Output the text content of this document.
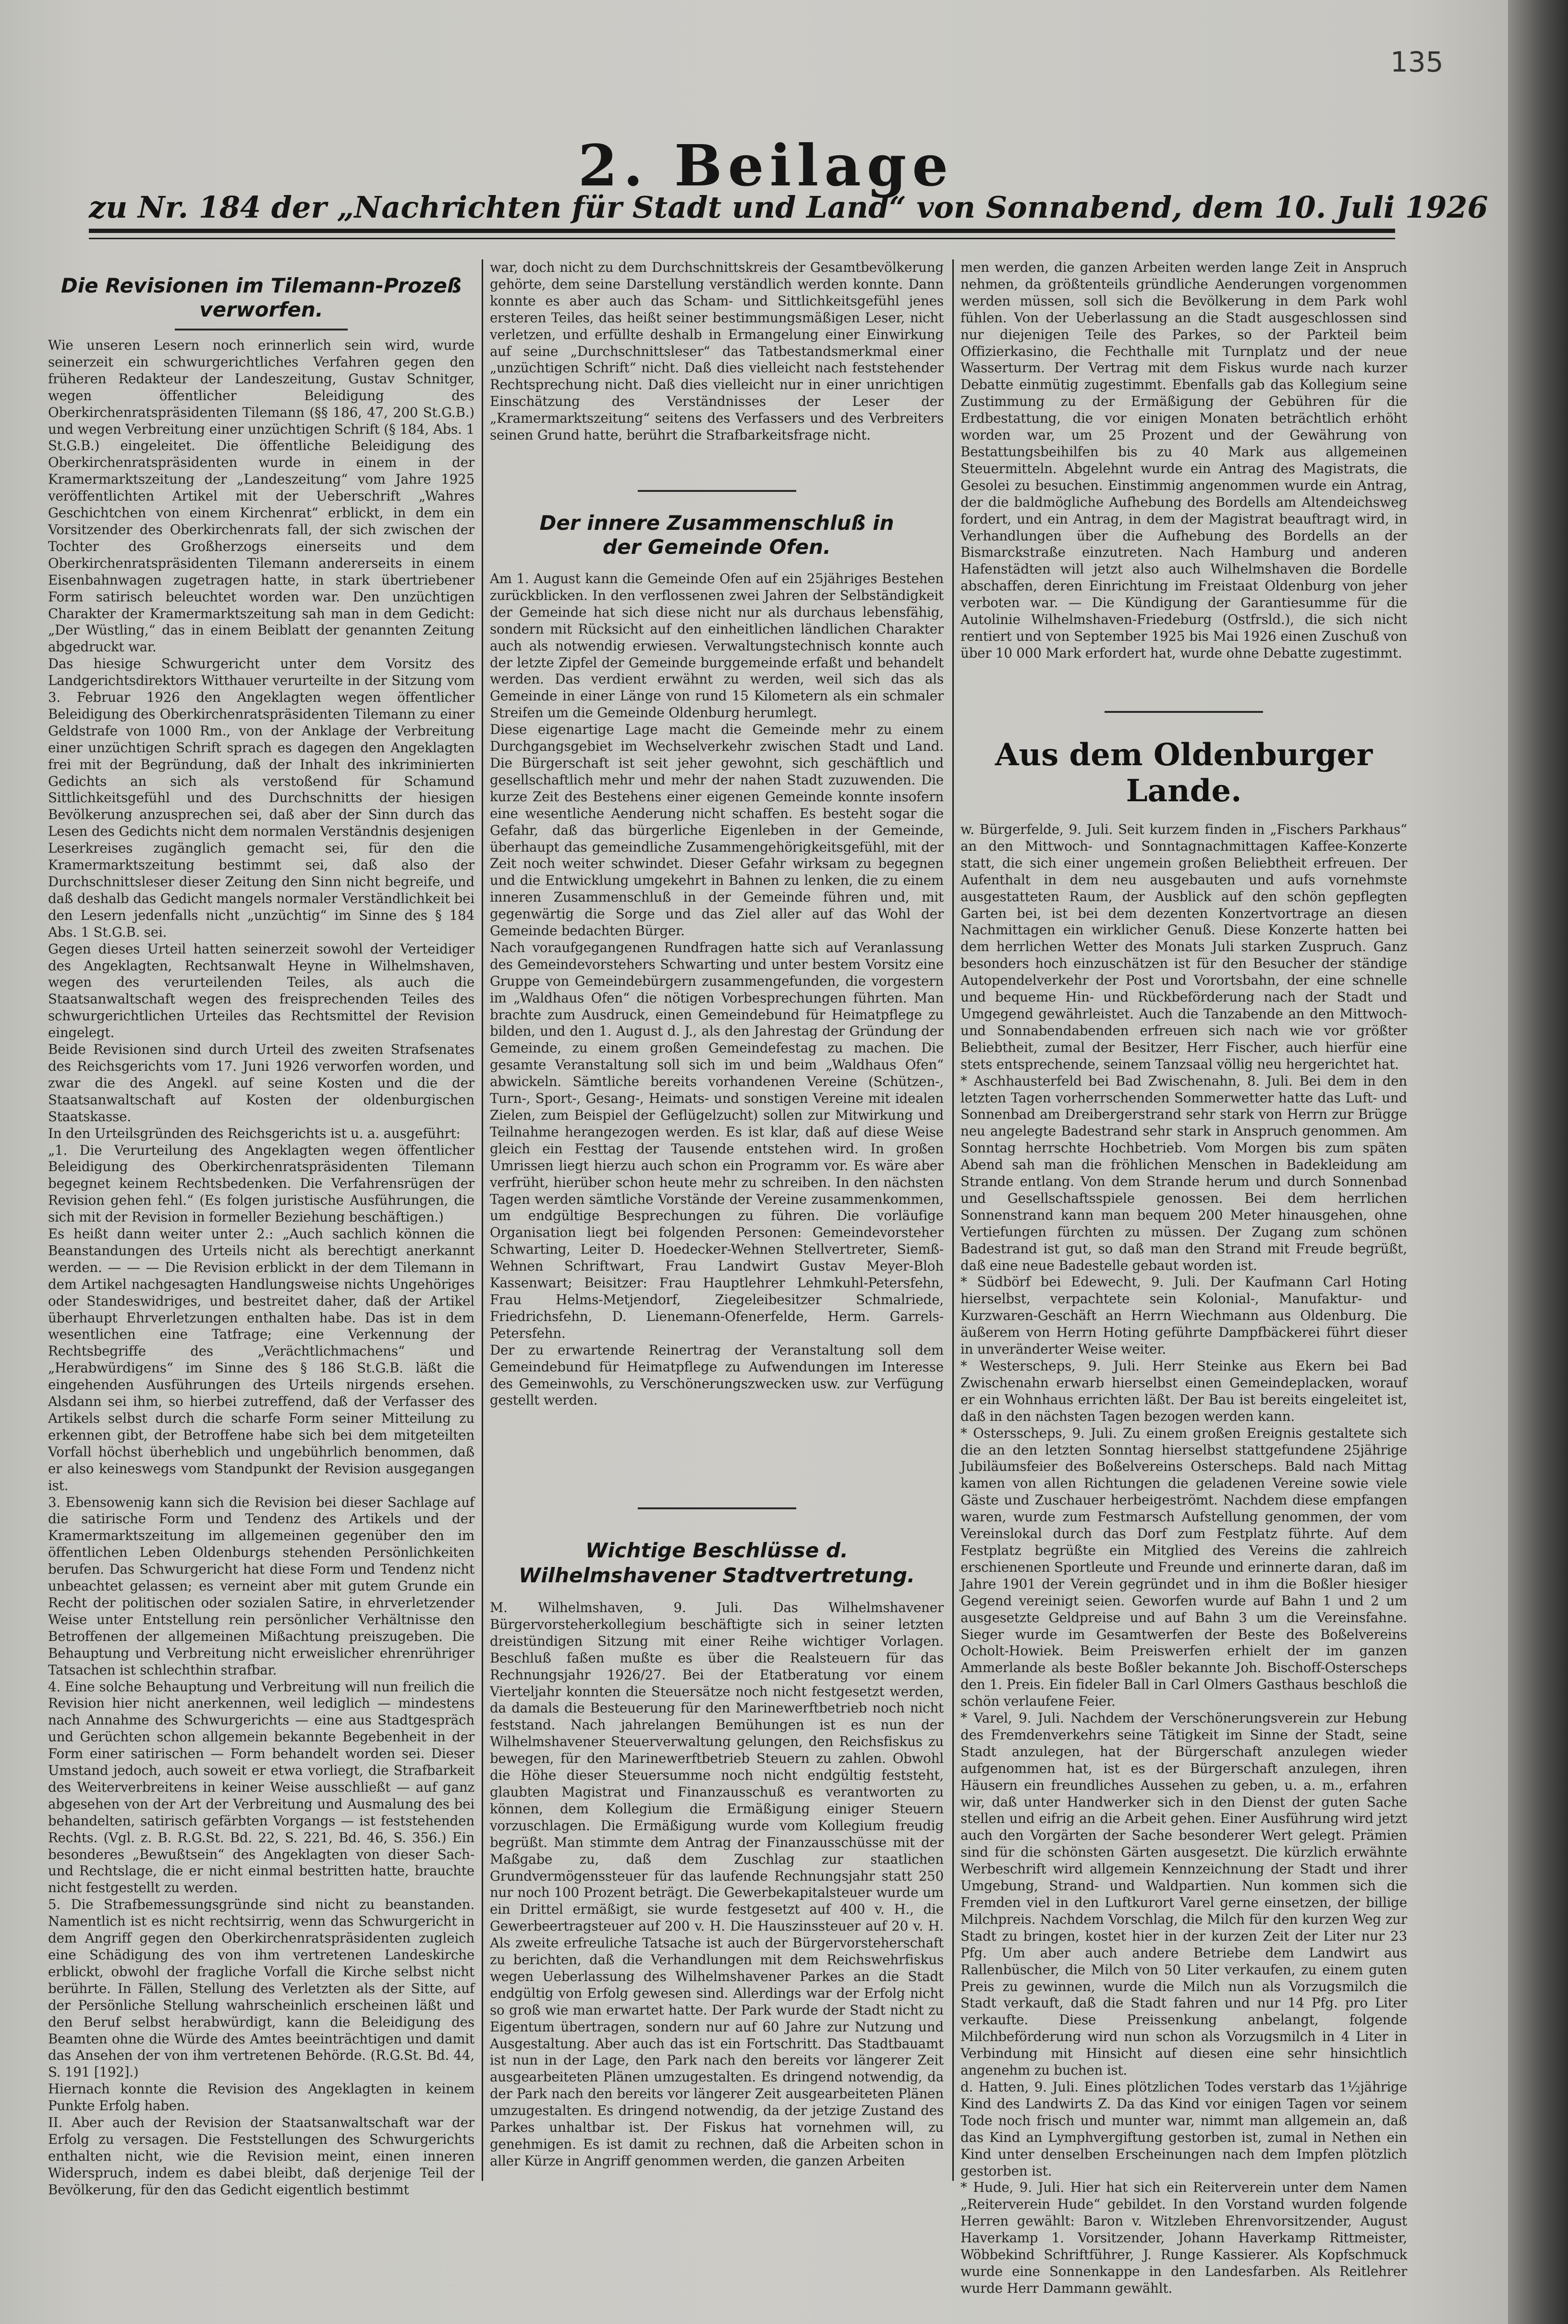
135
2. Beilage
zu Nr. 184 der „Nachrichten für Stadt und Land“ von Sonnabend, dem 10. Juli 1926
Die Revisionen im Tilemann-Prozeß verworfen.

Wie unseren Lesern noch erinnerlich sein wird, wurde seinerzeit ein schwurgerichtliches Verfahren gegen den früheren Redakteur der Landeszeitung, Gustav Schnitger, wegen öffentlicher Beleidigung des Oberkirchenratspräsidenten Tilemann (§§ 186, 47, 200 St.G.B.) und wegen Verbreitung einer unzüchtigen Schrift (§ 184, Abs. 1 St.G.B.) eingeleitet. Die öffentliche Beleidigung des Oberkirchenratspräsidenten wurde in einem in der Kramermarktszeitung der „Landeszeitung“ vom Jahre 1925 veröffentlichten Artikel mit der Ueberschrift „Wahres Geschichtchen von einem Kirchenrat“ erblickt, in dem ein Vorsitzender des Oberkirchenrats fall, der sich zwischen der Tochter des Großherzogs einerseits und dem Oberkirchenratspräsidenten Tilemann andererseits in einem Eisenbahnwagen zugetragen hatte, in stark übertriebener Form satirisch beleuchtet worden war. Den unzüchtigen Charakter der Kramermarktszeitung sah man in dem Gedicht: „Der Wüstling,“ das in einem Beiblatt der genannten Zeitung abgedruckt war.
Das hiesige Schwurgericht unter dem Vorsitz des Landgerichtsdirektors Witthauer verurteilte in der Sitzung vom 3. Februar 1926 den Angeklagten wegen öffentlicher Beleidigung des Oberkirchenratspräsidenten Tilemann zu einer Geldstrafe von 1000 Rm., von der Anklage der Verbreitung einer unzüchtigen Schrift sprach es dagegen den Angeklagten frei mit der Begründung, daß der Inhalt des inkriminierten Gedichts an sich als verstoßend für Schamund Sittlichkeitsgefühl und des Durchschnitts der hiesigen Bevölkerung anzusprechen sei, daß aber der Sinn durch das Lesen des Gedichts nicht dem normalen Verständnis desjenigen Leserkreises zugänglich gemacht sei, für den die Kramermarktszeitung bestimmt sei, daß also der Durchschnittsleser dieser Zeitung den Sinn nicht begreife, und daß deshalb das Gedicht mangels normaler Verständlichkeit bei den Lesern jedenfalls nicht „unzüchtig“ im Sinne des § 184 Abs. 1 St.G.B. sei.
Gegen dieses Urteil hatten seinerzeit sowohl der Verteidiger des Angeklagten, Rechtsanwalt Heyne in Wilhelmshaven, wegen des verurteilenden Teiles, als auch die Staatsanwaltschaft wegen des freisprechenden Teiles des schwurgerichtlichen Urteiles das Rechtsmittel der Revision eingelegt.
Beide Revisionen sind durch Urteil des zweiten Strafsenates des Reichsgerichts vom 17. Juni 1926 verworfen worden, und zwar die des Angekl. auf seine Kosten und die der Staatsanwaltschaft auf Kosten der oldenburgischen Staatskasse.
In den Urteilsgründen des Reichsgerichts ist u. a. ausgeführt:
„1. Die Verurteilung des Angeklagten wegen öffentlicher Beleidigung des Oberkirchenratspräsidenten Tilemann begegnet keinem Rechtsbedenken. Die Verfahrensrügen der Revision gehen fehl.“ (Es folgen juristische Ausführungen, die sich mit der Revision in formeller Beziehung beschäftigen.)
Es heißt dann weiter unter 2.: „Auch sachlich können die Beanstandungen des Urteils nicht als berechtigt anerkannt werden. — — — Die Revision erblickt in der dem Tilemann in dem Artikel nachgesagten Handlungsweise nichts Ungehöriges oder Standeswidriges, und bestreitet daher, daß der Artikel überhaupt Ehrverletzungen enthalten habe. Das ist in dem wesentlichen eine Tatfrage; eine Verkennung der Rechtsbegriffe des „Verächtlichmachens“ und „Herabwürdigens“ im Sinne des § 186 St.G.B. läßt die eingehenden Ausführungen des Urteils nirgends ersehen. Alsdann sei ihm, so hierbei zutreffend, daß der Verfasser des Artikels selbst durch die scharfe Form seiner Mitteilung zu erkennen gibt, der Betroffene habe sich bei dem mitgeteilten Vorfall höchst überheblich und ungebührlich benommen, daß er also keineswegs vom Standpunkt der Revision ausgegangen ist.
3. Ebensowenig kann sich die Revision bei dieser Sachlage auf die satirische Form und Tendenz des Artikels und der Kramermarktszeitung im allgemeinen gegenüber den im öffentlichen Leben Oldenburgs stehenden Persönlichkeiten berufen. Das Schwurgericht hat diese Form und Tendenz nicht unbeachtet gelassen; es verneint aber mit gutem Grunde ein Recht der politischen oder sozialen Satire, in ehrverletzender Weise unter Entstellung rein persönlicher Verhältnisse den Betroffenen der allgemeinen Mißachtung preiszugeben. Die Behauptung und Verbreitung nicht erweislicher ehrenrühriger Tatsachen ist schlechthin strafbar.
4. Eine solche Behauptung und Verbreitung will nun freilich die Revision hier nicht anerkennen, weil lediglich — mindestens nach Annahme des Schwurgerichts — eine aus Stadtgespräch und Gerüchten schon allgemein bekannte Begebenheit in der Form einer satirischen — Form behandelt worden sei. Dieser Umstand jedoch, auch soweit er etwa vorliegt, die Strafbarkeit des Weiterverbreitens in keiner Weise ausschließt — auf ganz abgesehen von der Art der Verbreitung und Ausmalung des bei behandelten, satirisch gefärbten Vorgangs — ist feststehenden Rechts. (Vgl. z. B. R.G.St. Bd. 22, S. 221, Bd. 46, S. 356.) Ein besonderes „Bewußtsein“ des Angeklagten von dieser Sach- und Rechtslage, die er nicht einmal bestritten hatte, brauchte nicht festgestellt zu werden.
5. Die Strafbemessungsgründe sind nicht zu beanstanden. Namentlich ist es nicht rechtsirrig, wenn das Schwurgericht in dem Angriff gegen den Oberkirchenratspräsidenten zugleich eine Schädigung des von ihm vertretenen Landeskirche erblickt, obwohl der fragliche Vorfall die Kirche selbst nicht berührte. In Fällen, Stellung des Verletzten als der Sitte, auf der Persönliche Stellung wahrscheinlich erscheinen läßt und den Beruf selbst herabwürdigt, kann die Beleidigung des Beamten ohne die Würde des Amtes beeinträchtigen und damit das Ansehen der von ihm vertretenen Behörde. (R.G.St. Bd. 44, S. 191 [192].)
Hiernach konnte die Revision des Angeklagten in keinem Punkte Erfolg haben.
II. Aber auch der Revision der Staatsanwaltschaft war der Erfolg zu versagen. Die Feststellungen des Schwurgerichts enthalten nicht, wie die Revision meint, einen inneren Widerspruch, indem es dabei bleibt, daß derjenige Teil der Bevölkerung, für den das Gedicht eigentlich bestimmt

war, doch nicht zu dem Durchschnittskreis der Gesamtbevölkerung gehörte, dem seine Darstellung verständlich werden konnte. Dann konnte es aber auch das Scham- und Sittlichkeitsgefühl jenes ersteren Teiles, das heißt seiner bestimmungsmäßigen Leser, nicht verletzen, und erfüllte deshalb in Ermangelung einer Einwirkung auf seine „Durchschnittsleser“ das Tatbestandsmerkmal einer „unzüchtigen Schrift“ nicht. Daß dies vielleicht nach feststehender Rechtsprechung nicht. Daß dies vielleicht nur in einer unrichtigen Einschätzung des Verständnisses der Leser der „Kramermarktszeitung“ seitens des Verfassers und des Verbreiters seinen Grund hatte, berührt die Strafbarkeitsfrage nicht.

Der innere Zusammenschluß in der Gemeinde Ofen.

Am 1. August kann die Gemeinde Ofen auf ein 25jähriges Bestehen zurückblicken. In den verflossenen zwei Jahren der Selbständigkeit der Gemeinde hat sich diese nicht nur als durchaus lebensfähig, sondern mit Rücksicht auf den einheitlichen ländlichen Charakter auch als notwendig erwiesen. Verwaltungstechnisch konnte auch der letzte Zipfel der Gemeinde burggemeinde erfaßt und behandelt werden. Das verdient erwähnt zu werden, weil sich das als Gemeinde in einer Länge von rund 15 Kilometern als ein schmaler Streifen um die Gemeinde Oldenburg herumlegt.
Diese eigenartige Lage macht die Gemeinde mehr zu einem Durchgangsgebiet im Wechselverkehr zwischen Stadt und Land. Die Bürgerschaft ist seit jeher gewohnt, sich geschäftlich und gesellschaftlich mehr und mehr der nahen Stadt zuzuwenden. Die kurze Zeit des Bestehens einer eigenen Gemeinde konnte insofern eine wesentliche Aenderung nicht schaffen. Es besteht sogar die Gefahr, daß das bürgerliche Eigenleben in der Gemeinde, überhaupt das gemeindliche Zusammengehörigkeitsgefühl, mit der Zeit noch weiter schwindet. Dieser Gefahr wirksam zu begegnen und die Entwicklung umgekehrt in Bahnen zu lenken, die zu einem inneren Zusammenschluß in der Gemeinde führen und, mit gegenwärtig die Sorge und das Ziel aller auf das Wohl der Gemeinde bedachten Bürger.
Nach voraufgegangenen Rundfragen hatte sich auf Veranlassung des Gemeindevorstehers Schwarting und unter bestem Vorsitz eine Gruppe von Gemeindebürgern zusammengefunden, die vorgestern im „Waldhaus Ofen“ die nötigen Vorbesprechungen führten. Man brachte zum Ausdruck, einen Gemeindebund für Heimatpflege zu bilden, und den 1. August d. J., als den Jahrestag der Gründung der Gemeinde, zu einem großen Gemeindefestag zu machen. Die gesamte Veranstaltung soll sich im und beim „Waldhaus Ofen“ abwickeln. Sämtliche bereits vorhandenen Vereine (Schützen-, Turn-, Sport-, Gesang-, Heimats- und sonstigen Vereine mit idealen Zielen, zum Beispiel der Geflügelzucht) sollen zur Mitwirkung und Teilnahme herangezogen werden. Es ist klar, daß auf diese Weise gleich ein Festtag der Tausende entstehen wird. In großen Umrissen liegt hierzu auch schon ein Programm vor. Es wäre aber verfrüht, hierüber schon heute mehr zu schreiben. In den nächsten Tagen werden sämtliche Vorstände der Vereine zusammenkommen, um endgültige Besprechungen zu führen. Die vorläufige Organisation liegt bei folgenden Personen: Gemeindevorsteher Schwarting, Leiter D. Hoedecker-Wehnen Stellvertreter, Siemß-Wehnen Schriftwart, Frau Landwirt Gustav Meyer-Bloh Kassenwart; Beisitzer: Frau Hauptlehrer Lehmkuhl-Petersfehn, Frau Helms-Metjendorf, Ziegeleibesitzer Schmalriede, Friedrichsfehn, D. Lienemann-Ofenerfelde, Herm. Garrels-Petersfehn.
Der zu erwartende Reinertrag der Veranstaltung soll dem Gemeindebund für Heimatpflege zu Aufwendungen im Interesse des Gemeinwohls, zu Verschönerungszwecken usw. zur Verfügung gestellt werden.

Wichtige Beschlüsse d. Wilhelmshavener Stadtvertretung.

M. Wilhelmshaven, 9. Juli. Das Wilhelmshavener Bürgervorsteherkollegium beschäftigte sich in seiner letzten dreistündigen Sitzung mit einer Reihe wichtiger Vorlagen. Beschluß faßen mußte es über die Realsteuern für das Rechnungsjahr 1926/27. Bei der Etatberatung vor einem Vierteljahr konnten die Steuersätze noch nicht festgesetzt werden, da damals die Besteuerung für den Marinewerftbetrieb noch nicht feststand. Nach jahrelangen Bemühungen ist es nun der Wilhelmshavener Steuerverwaltung gelungen, den Reichsfiskus zu bewegen, für den Marinewerftbetrieb Steuern zu zahlen. Obwohl die Höhe dieser Steuersumme noch nicht endgültig feststeht, glaubten Magistrat und Finanzausschuß es verantworten zu können, dem Kollegium die Ermäßigung einiger Steuern vorzuschlagen. Die Ermäßigung wurde vom Kollegium freudig begrüßt. Man stimmte dem Antrag der Finanzausschüsse mit der Maßgabe zu, daß dem Zuschlag zur staatlichen Grundvermögenssteuer für das laufende Rechnungsjahr statt 250 nur noch 100 Prozent beträgt. Die Gewerbekapitalsteuer wurde um ein Drittel ermäßigt, sie wurde festgesetzt auf 400 v. H., die Gewerbeertragsteuer auf 200 v. H. Die Hauszinssteuer auf 20 v. H. Als zweite erfreuliche Tatsache ist auch der Bürgervorsteherschaft zu berichten, daß die Verhandlungen mit dem Reichswehrfiskus wegen Ueberlassung des Wilhelmshavener Parkes an die Stadt endgültig von Erfolg gewesen sind. Allerdings war der Erfolg nicht so groß wie man erwartet hatte. Der Park wurde der Stadt nicht zu Eigentum übertragen, sondern nur auf 60 Jahre zur Nutzung und Ausgestaltung. Aber auch das ist ein Fortschritt. Das Stadtbauamt ist nun in der Lage, den Park nach den bereits vor längerer Zeit ausgearbeiteten Plänen umzugestalten. Es dringend notwendig, da der Park nach den bereits vor längerer Zeit ausgearbeiteten Plänen umzugestalten. Es dringend notwendig, da der jetzige Zustand des Parkes unhaltbar ist. Der Fiskus hat vornehmen will, zu genehmigen. Es ist damit zu rechnen, daß die Arbeiten schon in aller Kürze in Angriff genommen werden, die ganzen Arbeiten

men werden, die ganzen Arbeiten werden lange Zeit in Anspruch nehmen, da größtenteils gründliche Aenderungen vorgenommen werden müssen, soll sich die Bevölkerung in dem Park wohl fühlen. Von der Ueberlassung an die Stadt ausgeschlossen sind nur diejenigen Teile des Parkes, so der Parkteil beim Offizierkasino, die Fechthalle mit Turnplatz und der neue Wasserturm. Der Vertrag mit dem Fiskus wurde nach kurzer Debatte einmütig zugestimmt. Ebenfalls gab das Kollegium seine Zustimmung zu der Ermäßigung der Gebühren für die Erdbestattung, die vor einigen Monaten beträchtlich erhöht worden war, um 25 Prozent und der Gewährung von Bestattungsbeihilfen bis zu 40 Mark aus allgemeinen Steuermitteln. Abgelehnt wurde ein Antrag des Magistrats, die Gesolei zu besuchen. Einstimmig angenommen wurde ein Antrag, der die baldmögliche Aufhebung des Bordells am Altendeichsweg fordert, und ein Antrag, in dem der Magistrat beauftragt wird, in Verhandlungen über die Aufhebung des Bordells an der Bismarckstraße einzutreten. Nach Hamburg und anderen Hafenstädten will jetzt also auch Wilhelmshaven die Bordelle abschaffen, deren Einrichtung im Freistaat Oldenburg von jeher verboten war. — Die Kündigung der Garantiesumme für die Autolinie Wilhelmshaven-Friedeburg (Ostfrsld.), die sich nicht rentiert und von September 1925 bis Mai 1926 einen Zuschuß von über 10 000 Mark erfordert hat, wurde ohne Debatte zugestimmt.

Aus dem Oldenburger Lande.

w. Bürgerfelde, 9. Juli. Seit kurzem finden in „Fischers Parkhaus“ an den Mittwoch- und Sonntagnachmittagen Kaffee-Konzerte statt, die sich einer ungemein großen Beliebtheit erfreuen. Der Aufenthalt in dem neu ausgebauten und aufs vornehmste ausgestatteten Raum, der Ausblick auf den schön gepflegten Garten bei, ist bei dem dezenten Konzertvortrage an diesen Nachmittagen ein wirklicher Genuß. Diese Konzerte hatten bei dem herrlichen Wetter des Monats Juli starken Zuspruch. Ganz besonders hoch einzuschätzen ist für den Besucher der ständige Autopendelverkehr der Post und Vorortsbahn, der eine schnelle und bequeme Hin- und Rückbeförderung nach der Stadt und Umgegend gewährleistet. Auch die Tanzabende an den Mittwoch- und Sonnabendabenden erfreuen sich nach wie vor größter Beliebtheit, zumal der Besitzer, Herr Fischer, auch hierfür eine stets entsprechende, seinem Tanzsaal völlig neu hergerichtet hat.
* Aschhausterfeld bei Bad Zwischenahn, 8. Juli. Bei dem in den letzten Tagen vorherrschenden Sommerwetter hatte das Luft- und Sonnenbad am Dreibergerstrand sehr stark von Herrn zur Brügge neu angelegte Badestrand sehr stark in Anspruch genommen. Am Sonntag herrschte Hochbetrieb. Vom Morgen bis zum späten Abend sah man die fröhlichen Menschen in Badekleidung am Strande entlang. Von dem Strande herum und durch Sonnenbad und Gesellschaftsspiele genossen. Bei dem herrlichen Sonnenstrand kann man bequem 200 Meter hinausgehen, ohne Vertiefungen fürchten zu müssen. Der Zugang zum schönen Badestrand ist gut, so daß man den Strand mit Freude begrüßt, daß eine neue Badestelle gebaut worden ist.
* Südbörf bei Edewecht, 9. Juli. Der Kaufmann Carl Hoting hierselbst, verpachtete sein Kolonial-, Manufaktur- und Kurzwaren-Geschäft an Herrn Wiechmann aus Oldenburg. Die äußerem von Herrn Hoting geführte Dampfbäckerei führt dieser in unveränderter Weise weiter.
* Westerscheps, 9. Juli. Herr Steinke aus Ekern bei Bad Zwischenahn erwarb hierselbst einen Gemeindeplacken, worauf er ein Wohnhaus errichten läßt. Der Bau ist bereits eingeleitet ist, daß in den nächsten Tagen bezogen werden kann.
* Ostersscheps, 9. Juli. Zu einem großen Ereignis gestaltete sich die an den letzten Sonntag hierselbst stattgefundene 25jährige Jubiläumsfeier des Boßelvereins Osterscheps. Bald nach Mittag kamen von allen Richtungen die geladenen Vereine sowie viele Gäste und Zuschauer herbeigeströmt. Nachdem diese empfangen waren, wurde zum Festmarsch Aufstellung genommen, der vom Vereinslokal durch das Dorf zum Festplatz führte. Auf dem Festplatz begrüßte ein Mitglied des Vereins die zahlreich erschienenen Sportleute und Freunde und erinnerte daran, daß im Jahre 1901 der Verein gegründet und in ihm die Boßler hiesiger Gegend vereinigt seien. Geworfen wurde auf Bahn 1 und 2 um ausgesetzte Geldpreise und auf Bahn 3 um die Vereinsfahne. Sieger wurde im Gesamtwerfen der Beste des Boßelvereins Ocholt-Howiek. Beim Preiswerfen erhielt der im ganzen Ammerlande als beste Boßler bekannte Joh. Bischoff-Osterscheps den 1. Preis. Ein fideler Ball in Carl Olmers Gasthaus beschloß die schön verlaufene Feier.
* Varel, 9. Juli. Nachdem der Verschönerungsverein zur Hebung des Fremdenverkehrs seine Tätigkeit im Sinne der Stadt, seine Stadt anzulegen, hat der Bürgerschaft anzulegen wieder aufgenommen hat, ist es der Bürgerschaft anzulegen, ihren Häusern ein freundliches Aussehen zu geben, u. a. m., erfahren wir, daß unter Handwerker sich in den Dienst der guten Sache stellen und eifrig an die Arbeit gehen. Einer Ausführung wird jetzt auch den Vorgärten der Sache besonderer Wert gelegt. Prämien sind für die schönsten Gärten ausgesetzt. Die kürzlich erwähnte Werbeschrift wird allgemein Kennzeichnung der Stadt und ihrer Umgebung, Strand- und Waldpartien. Nun kommen sich die Fremden viel in den Luftkurort Varel gerne einsetzen, der billige Milchpreis. Nachdem Vorschlag, die Milch für den kurzen Weg zur Stadt zu bringen, kostet hier in der kurzen Zeit der Liter nur 23 Pfg. Um aber auch andere Betriebe dem Landwirt aus Rallenbüscher, die Milch von 50 Liter verkaufen, zu einem guten Preis zu gewinnen, wurde die Milch nun als Vorzugsmilch die Stadt verkauft, daß die Stadt fahren und nur 14 Pfg. pro Liter verkaufte. Diese Preissenkung anbelangt, folgende Milchbeförderung wird nun schon als Vorzugsmilch in 4 Liter in Verbindung mit Hinsicht auf diesen eine sehr hinsichtlich angenehm zu buchen ist.
d. Hatten, 9. Juli. Eines plötzlichen Todes verstarb das 1½jährige Kind des Landwirts Z. Da das Kind vor einigen Tagen vor seinem Tode noch frisch und munter war, nimmt man allgemein an, daß das Kind an Lymphvergiftung gestorben ist, zumal in Nethen ein Kind unter denselben Erscheinungen nach dem Impfen plötzlich gestorben ist.
* Hude, 9. Juli. Hier hat sich ein Reiterverein unter dem Namen „Reiterverein Hude“ gebildet. In den Vorstand wurden folgende Herren gewählt: Baron v. Witzleben Ehrenvorsitzender, August Haverkamp 1. Vorsitzender, Johann Haverkamp Rittmeister, Wöbbekind Schriftführer, J. Runge Kassierer. Als Kopfschmuck wurde eine Sonnenkappe in den Landesfarben. Als Reitlehrer wurde Herr Dammann gewählt.
